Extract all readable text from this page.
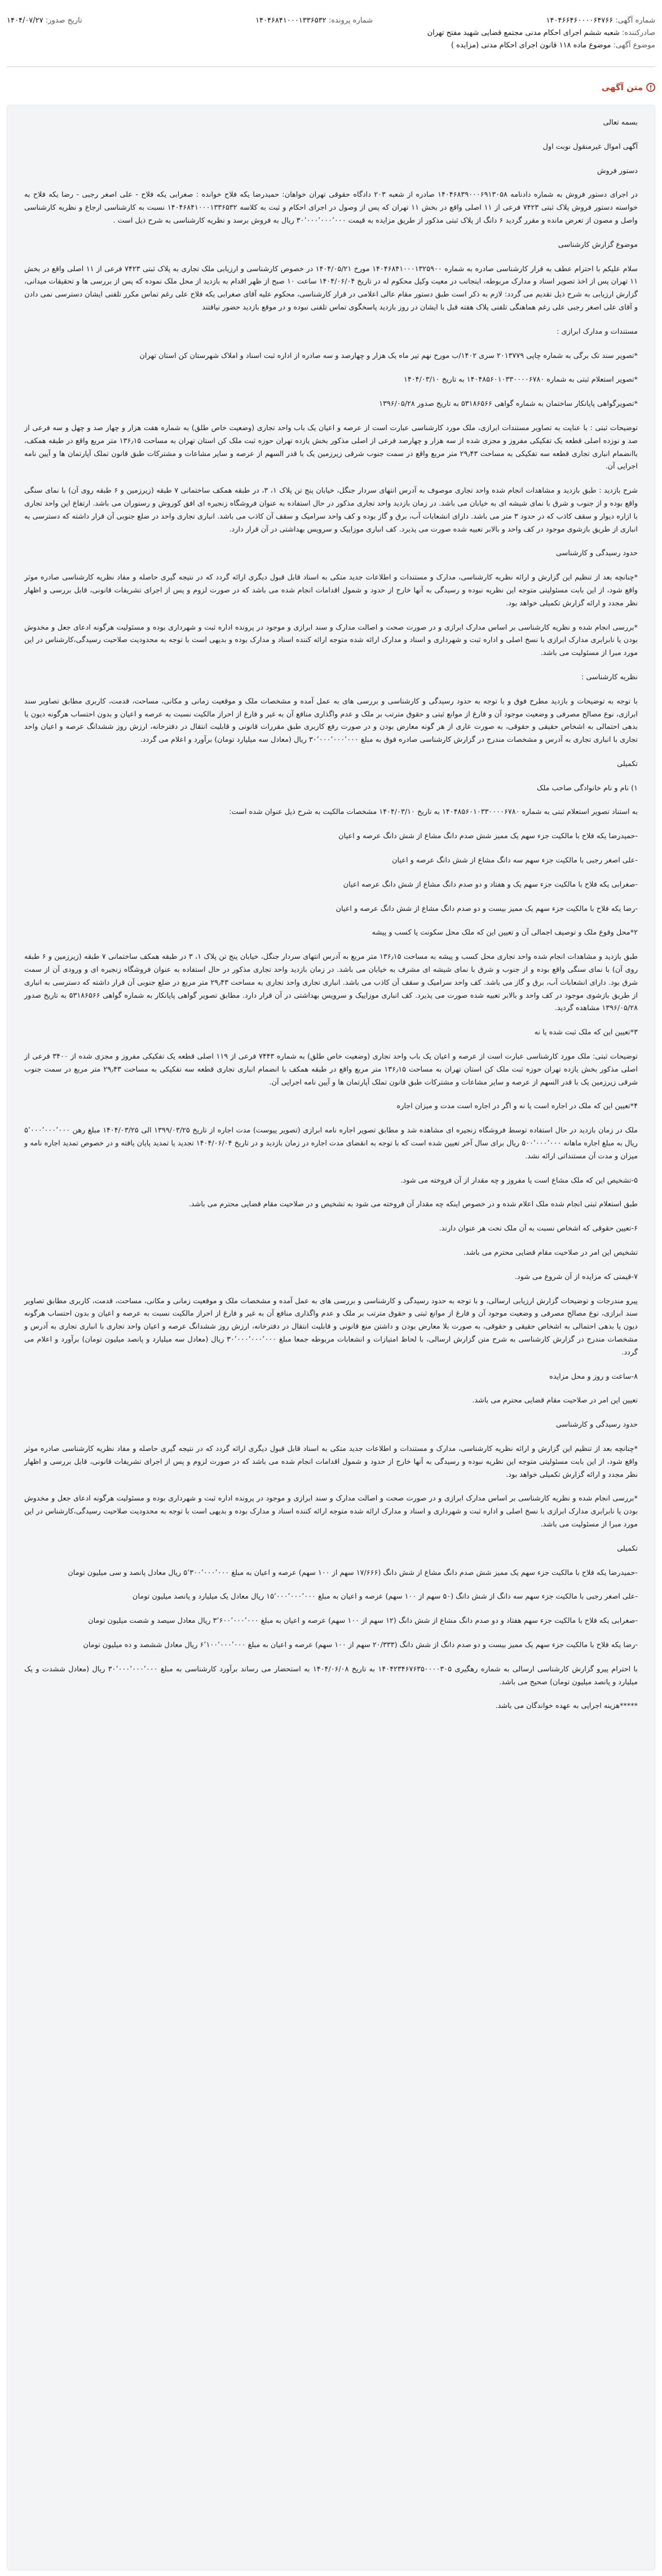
شماره آگهی: ۱۴۰۴۶۶۴۶۰۰۰۰۶۴۷۶۶
شماره پرونده: ۱۴۰۴۶۸۴۱۰۰۰۱۳۳۶۵۳۲
تاریخ صدور: ۱۴۰۴/۰۷/۲۷
صادرکننده: شعبه ششم اجرای احکام مدنی مجتمع قضایی شهید مفتح تهران
موضوع آگهی: موضوع ماده ۱۱۸ قانون اجرای احکام مدنی (مزایده )
!
متن آگهی

بسمه تعالی

آگهی اموال غیرمنقول نوبت اول

دستور فروش

در اجرای دستور فروش به شماره دادنامه ۱۴۰۴۶۸۳۹۰۰۰۶۹۱۳۰۵۸ صادره از شعبه ۲۰۳ دادگاه حقوقی تهران خواهان: حمیدرضا یکه فلاح خوانده : صغرابی یکه فلاح - علی اصغر رجبی - رضا یکه فلاح به خواسته دستور فروش پلاک ثبتی ۷۴۲۳ فرعی از ۱۱ اصلی واقع در بخش ۱۱ تهران که پس از وصول در اجرای احکام و ثبت به کلاسه ۱۴۰۴۶۸۴۱۰۰۰۱۳۳۶۵۳۲ نسبت به کارشناسی ارجاع و نظریه کارشناسی واصل و مصون از تعرض مانده و مقرر گردید ۶ دانگ از پلاک ثبتی مذکور از طریق مزایده به قیمت ۳۰٬۰۰۰٬۰۰۰٬۰۰۰ ریال به فروش برسد و نظریه کارشناسی به شرح ذیل است .

موضوع گزارش کارشناسی

سلام علیکم با احترام عطف به قرار کارشناسی صادره به شماره ۱۴۰۴۶۸۴۱۰۰۰۱۳۲۵۹۰۰ مورخ ۱۴۰۴/۰۵/۲۱ در خصوص کارشناسی و ارزیابی ملک تجاری به پلاک ثبتی ۷۴۲۳ فرعی از ۱۱ اصلی واقع در بخش ۱۱ تهران پس از اخذ تصویر اسناد و مدارک مربوطه، اینجانب در معیت وکیل محکوم له در تاریخ ۱۴۰۴/۰۶/۰۴ ساعت ۱۰ صبح از ظهر اقدام به بازدید از محل ملک نموده که پس از بررسی ها و تحقیقات میدانی، گزارش ارزیابی به شرح ذیل تقدیم می گردد: لازم به ذکر است طبق دستور مقام عالی اعلامی در قرار کارشناسی، محکوم علیه آقای صغرابی یکه فلاح علی رغم تماس مکرر تلفنی ایشان دسترسی نمی دادن و آقای علی اصغر رجبی علی رغم هماهنگی تلفنی پلاک هفته قبل با ایشان در روز بازدید پاسخگوی تماس تلفنی نبوده و در موقع بازدید حضور نیافتند

مستندات و مدارک ابرازی :

*تصویر سند تک برگی به شماره چاپی ۲۰۱۳۷۷۹ سری ۱۴۰۲/ب مورخ نهم تیر ماه یک هزار و چهارصد و سه صادره از اداره ثبت اسناد و املاک شهرستان کن استان تهران

*تصویر استعلام ثبتی به شماره ۱۴۰۴۸۵۶۰۱۰۳۳۰۰۰۰۶۷۸۰ به تاریخ ۱۴۰۴/۰۳/۱۰

*تصویرگواهی پایانکار ساختمان به شماره گواهی ۵۳۱۸۶۵۶۶ به تاریخ صدور ۱۳۹۶/۰۵/۲۸

توضیحات ثبتی : با عنایت به تصاویر مستندات ابرازی، ملک مورد کارشناسی عبارت است از عرصه و اعیان یک باب واحد تجاری (وضعیت خاص طلق) به شماره هفت هزار و چهار صد و چهل و سه فرعی از صد و نوزده اصلی قطعه یک تفکیکی مفروز و مجزی شده از سه هزار و چهارصد فرعی از اصلی مذکور بخش یازده تهران حوزه ثبت ملک کن استان تهران به مساحت ۱۳۶٫۱۵ متر مربع واقع در طبقه همکف، باانضمام انباری تجاری قطعه سه تفکیکی به مساحت ۲۹٫۴۳ متر مربع واقع در سمت جنوب شرقی زیرزمین یک با قدر السهم از عرصه و سایر مشاعات و مشترکات طبق قانون تملک آپارتمان ها و آیین نامه اجرایی آن.

شرح بازدید : طبق بازدید و مشاهدات انجام شده واحد تجاری موصوف به آدرس انتهای سردار جنگل، خیابان پنج تن پلاک ۱، ۳، در طبقه همکف ساختمانی ۷ طبقه (زیرزمین و ۶ طبقه روی آن) با نمای سنگی واقع بوده و از جنوب و شرق با نمای شیشه ای به خیابان می باشد. در زمان بازدید واحد تجاری مذکور در حال استفاده به عنوان فروشگاه زنجیره ای افق کوروش و رستوران می باشد. ارتفاع این واحد تجاری با ازاره دیوار و سقف کاذب که در حدود ۳ متر می باشد. دارای انشعابات آب، برق و گاز بوده و کف واحد سرامیک و سقف آن کاذب می باشد. انباری تجاری واحد در ضلع جنوبی آن قرار داشته که دسترسی به انباری از طریق بازشوی موجود در کف واحد و بالابر تعبیه شده صورت می پذیرد. کف انباری موزاییک و سرویس بهداشتی در آن قرار دارد.

حدود رسیدگی و کارشناسی

*چنانچه بعد از تنظیم این گزارش و ارائه نظریه کارشناسی، مدارک و مستندات و اطلاعات جدید متکی به اسناد قابل قبول دیگری ارائه گردد که در نتیجه گیری حاصله و مفاد نظریه کارشناسی صادره موثر واقع شود، از این بابت مسئولیتی متوجه این نظریه نبوده و رسیدگی به آنها خارج از حدود و شمول اقدامات انجام شده می باشد که در صورت لزوم و پس از اجرای تشریفات قانونی، قابل بررسی و اظهار نظر مجدد و ارائه گزارش تکمیلی خواهد بود.

*بررسی انجام شده و نظریه کارشناسی بر اساس مدارک ابرازی و در صورت صحت و اصالت مدارک و سند ابرازی و موجود در پرونده اداره ثبت و شهرداری بوده و مسئولیت هرگونه ادعای جعل و مخدوش بودن یا نابرابری مدارک ابرازی با نسخ اصلی و اداره ثبت و شهرداری و اسناد و مدارک ارائه شده متوجه ارائه کننده اسناد و مدارک بوده و بدیهی است با توجه به محدودیت صلاحیت رسیدگی،کارشناس در این مورد مبرا از مسئولیت می باشد.

نظریه کارشناسی :

با توجه به توضیحات و بازدید مطرح فوق و با توجه به حدود رسیدگی و کارشناسی و بررسی های به عمل آمده و مشخصات ملک و موقعیت زمانی و مکانی، مساحت، قدمت، کاربری مطابق تصاویر سند ابرازی، نوع مصالح مصرفی و وضعیت موجود آن و فارغ از موانع ثبتی و حقوق مترتب بر ملک و عدم واگذاری منافع آن به غیر و فارغ از احراز مالکیت نسبت به عرصه و اعیان و بدون احتساب هرگونه دیون یا بدهی احتمالی به اشخاص حقیقی و حقوقی، به صورت عاری از هر گونه معارض بودن و در صورت رفع کاربری طبق مقررات قانونی و قابلیت انتقال در دفترخانه، ارزش روز ششدانگ عرصه و اعیان واحد تجاری با انباری تجاری به آدرس و مشخصات مندرج در گزارش کارشناسی صادره فوق به مبلغ ۳۰٬۰۰۰٬۰۰۰٬۰۰۰ ریال (معادل سه میلیارد تومان) برآورد و اعلام می گردد.

تکمیلی

۱) نام و نام خانوادگی صاحب ملک

به استناد تصویر استعلام ثبتی به شماره ۱۴۰۴۸۵۶۰۱۰۳۳۰۰۰۰۶۷۸۰ به تاریخ ۱۴۰۴/۰۳/۱۰ مشخصات مالکیت به شرح ذیل عنوان شده است:

-حمیدرضا یکه فلاح با مالکیت جزء سهم یک ممیز شش صدم دانگ مشاع از شش دانگ عرصه و اعیان

-علی اصغر رجبی با مالکیت جزء سهم سه دانگ مشاع از شش دانگ عرصه و اعیان

-صغرابی یکه فلاح با مالکیت جزء سهم یک و هفتاد و دو صدم دانگ مشاع از شش دانگ عرصه اعیان

-رضا یکه فلاح با مالکیت جزء سهم یک ممیز بیست و دو صدم دانگ مشاع از شش دانگ عرصه و اعیان

۲*محل وقوع ملک و توصیف اجمالی آن و تعیین این که ملک محل سکونت یا کسب و پیشه

طبق بازدید و مشاهدات انجام شده واحد تجاری محل کسب و پیشه به مساحت ۱۳۶٫۱۵ متر مربع به آدرس انتهای سردار جنگل، خیابان پنج تن پلاک ۱، ۳ در طبقه همکف ساختمانی ۷ طبقه (زیرزمین و ۶ طبقه روی آن) با نمای سنگی واقع بوده و از جنوب و شرق با نمای شیشه ای مشرف به خیابان می باشد. در زمان بازدید واحد تجاری مذکور در حال استفاده به عنوان فروشگاه زنجیره ای و ورودی آن از سمت شرق بود. دارای انشعابات آب، برق و گاز می باشد. کف واحد سرامیک و سقف آن کاذب می باشد. انباری تجاری واحد تجاری به مساحت ۲۹٫۴۳ متر مربع در ضلع جنوبی آن قرار داشته که دسترسی به انباری از طریق بازشوی موجود در کف واحد و بالابر تعبیه شده صورت می پذیرد. کف انباری موزاییک و سرویس بهداشتی در آن قرار دارد. مطابق تصویر گواهی پایانکار به شماره گواهی ۵۳۱۸۶۵۶۶ به تاریخ صدور ۱۳۹۶/۰۵/۲۸ مشاهده گردید.

۳*تعیین این که ملک ثبت شده یا نه

توضیحات ثبتی: ملک مورد کارشناسی عبارت است از عرصه و اعیان یک باب واحد تجاری (وضعیت خاص طلق) به شماره ۷۴۴۳ فرعی از ۱۱۹ اصلی قطعه یک تفکیکی مفروز و مجزی شده از ۳۴۰۰ فرعی از اصلی مذکور بخش یازده تهران حوزه ثبت ملک کن استان تهران به مساحت ۱۳۶٫۱۵ متر مربع واقع در طبقه همکف با انضمام انباری تجاری قطعه سه تفکیکی به مساحت ۲۹٫۴۳ متر مربع در سمت جنوب شرقی زیرزمین یک با قدر السهم از عرصه و سایر مشاعات و مشترکات طبق قانون تملک آپارتمان ها و آیین نامه اجرایی آن.

۴*تعیین این که ملک در اجاره است یا نه و اگر در اجاره است مدت و میزان اجاره

ملک در زمان بازدید در حال استفاده توسط فروشگاه زنجیره ای مشاهده شد و مطابق تصویر اجاره نامه ابرازی (تصویر پیوست) مدت اجاره از تاریخ ۱۳۹۹/۰۳/۲۵ الی ۱۴۰۴/۰۳/۲۵ مبلغ رهن ۵٬۰۰۰٬۰۰۰٬۰۰۰ ریال به مبلغ اجاره ماهانه ۵۰۰٬۰۰۰٬۰۰۰ ریال برای سال آخر تعیین شده است که با توجه به انقضای مدت اجاره در زمان بازدید و در تاریخ ۱۴۰۴/۰۶/۰۴ تجدید یا تمدید پایان یافته و در خصوص تمدید اجاره نامه و میزان و مدت آن مستنداتی ارائه نشد.

۵-تشخیص این که ملک مشاع است یا مفروز و چه مقدار از آن فروخته می شود.

طبق استعلام ثبتی انجام شده ملک اعلام شده و در خصوص اینکه چه مقدار آن فروخته می شود به تشخیص و در صلاحیت مقام قضایی محترم می باشد.

۶-تعیین حقوقی که اشخاص نسبت به آن ملک تحت هر عنوان دارند.

تشخیص این امر در صلاحیت مقام قضایی محترم می باشد.

۷-قیمتی که مزایده از آن شروع می شود.

پیرو مندرجات و توضیحات گزارش ارزیابی ارسالی، و با توجه به حدود رسیدگی و کارشناسی و بررسی های به عمل آمده و مشخصات ملک و موقعیت زمانی و مکانی، مساحت، قدمت، کاربری مطابق تصاویر سند ابرازی، نوع مصالح مصرفی و وضعیت موجود آن و فارغ از موانع ثبتی و حقوق مترتب بر ملک و عدم واگذاری منافع آن به غیر و فارغ از احراز مالکیت نسبت به عرصه و اعیان و بدون احتساب هرگونه دیون یا بدهی احتمالی به اشخاص حقیقی و حقوقی، به صورت بلا معارض بودن و داشتن منع قانونی و قابلیت انتقال در دفترخانه، ارزش روز ششدانگ عرصه و اعیان واحد تجاری با انباری تجاری به آدرس و مشخصات مندرج در گزارش کارشناسی به شرح متن گزارش ارسالی، با لحاظ امتیازات و انشعابات مربوطه جمعا مبلغ ۳۰٬۰۰۰٬۰۰۰٬۰۰۰ ریال (معادل سه میلیارد و پانصد میلیون تومان) برآورد و اعلام می گردد.

۸-ساعت و روز و محل مزایده

تعیین این امر در صلاحیت مقام قضایی محترم می باشد.

حدود رسیدگی و کارشناسی

*چنانچه بعد از تنظیم این گزارش و ارائه نظریه کارشناسی، مدارک و مستندات و اطلاعات جدید متکی به اسناد قابل قبول دیگری ارائه گردد که در نتیجه گیری حاصله و مفاد نظریه کارشناسی صادره موثر واقع شود، از این بابت مسئولیتی متوجه این نظریه نبوده و رسیدگی به آنها خارج از حدود و شمول اقدامات انجام شده می باشد که در صورت لزوم و پس از اجرای تشریفات قانونی، قابل بررسی و اظهار نظر مجدد و ارائه گزارش تکمیلی خواهد بود.

*بررسی انجام شده و نظریه کارشناسی بر اساس مدارک ابرازی و در صورت صحت و اصالت مدارک و سند ابرازی و موجود در پرونده اداره ثبت و شهرداری بوده و مسئولیت هرگونه ادعای جعل و مخدوش بودن یا نابرابری مدارک ابرازی با نسخ اصلی و اداره ثبت و شهرداری و اسناد و مدارک ارائه شده متوجه ارائه کننده اسناد و مدارک بوده و بدیهی است با توجه به محدودیت صلاحیت رسیدگی،کارشناس در این مورد مبرا از مسئولیت می باشد.

تکمیلی

-حمیدرضا یکه فلاح با مالکیت جزء سهم یک ممیز شش صدم دانگ مشاع از شش دانگ (۱۷/۶۶۶ سهم از ۱۰۰ سهم) عرصه و اعیان به مبلغ ۵٬۳۰۰٬۰۰۰٬۰۰۰ ریال معادل پانصد و سی میلیون تومان

-علی اصغر رجبی با مالکیت جزء سهم سه دانگ از شش دانگ (۵۰ سهم از ۱۰۰ سهم) عرصه و اعیان به مبلغ ۱۵٬۰۰۰٬۰۰۰٬۰۰۰ ریال معادل یک میلیارد و پانصد میلیون تومان

-صغرابی یکه فلاح با مالکیت جزء سهم هفتاد و دو صدم دانگ مشاع از شش دانگ (۱۲ سهم از ۱۰۰ سهم) عرصه و اعیان به مبلغ ۳٬۶۰۰٬۰۰۰٬۰۰۰ ریال معادل سیصد و شصت میلیون تومان

-رضا یکه فلاح با مالکیت جزء سهم یک ممیز بیست و دو صدم دانگ از شش دانگ (۲۰/۳۳۳ سهم از ۱۰۰ سهم) عرصه و اعیان به مبلغ ۶٬۱۰۰٬۰۰۰٬۰۰۰ ریال معادل ششصد و ده میلیون تومان

با احترام پیرو گزارش کارشناسی ارسالی به شماره رهگیری ۱۴۰۴۲۳۴۶۷۶۳۵۰۰۰۰۳۰۵ به تاریخ ۱۴۰۴/۰۶/۰۸ به استحضار می رساند برآورد کارشناسی به مبلغ ۳۰٬۰۰۰٬۰۰۰٬۰۰۰ ریال (معادل ششدت و یک میلیارد و پانصد میلیون تومان) صحیح می باشد.

*****هزینه اجرایی به عهده خواندگان می باشد.
